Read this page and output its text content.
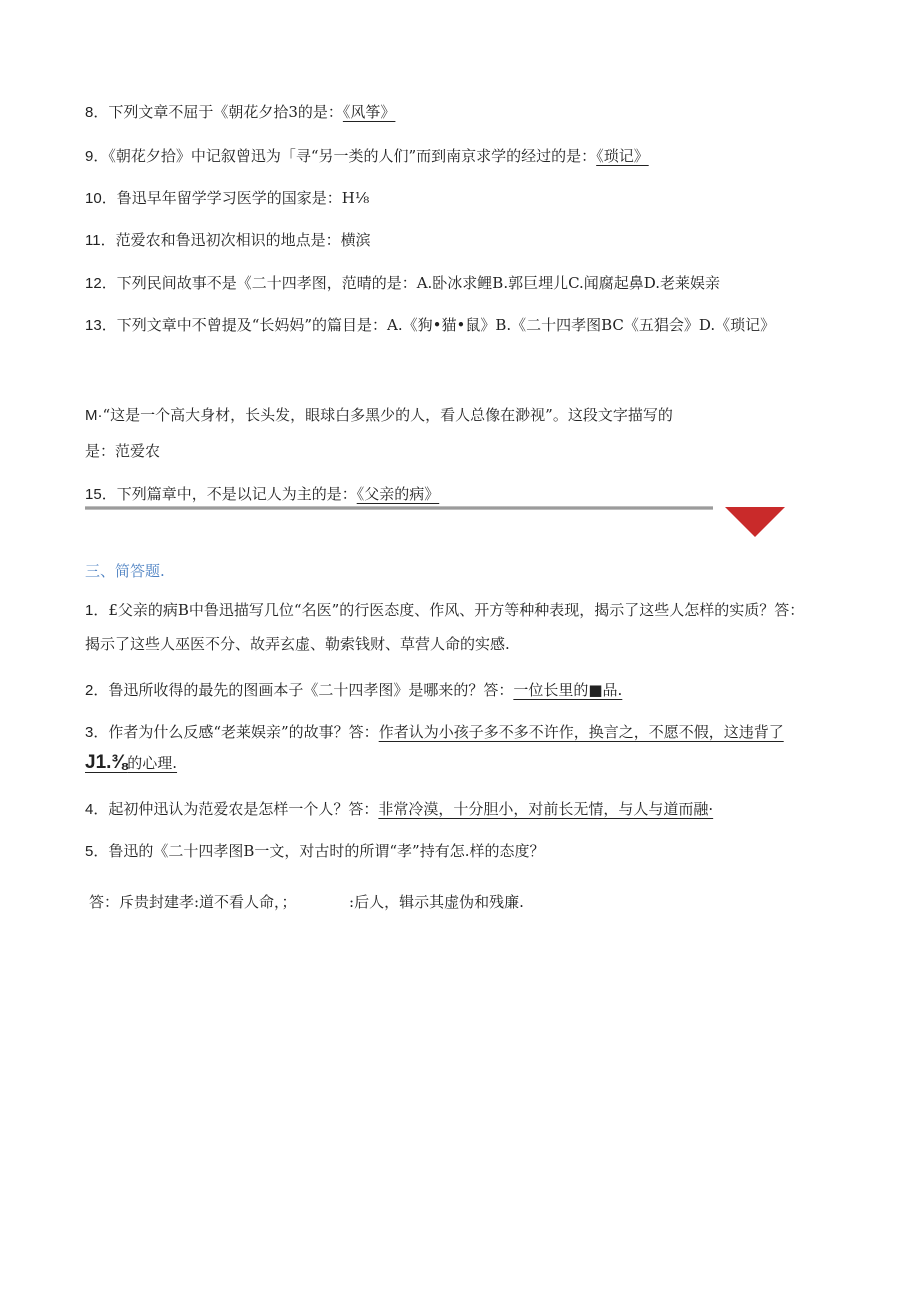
8．下列文章不屈于《朝花夕拾3的是：《风筝》
9．《朝花夕拾》中记叙曾迅为「寻“另一类的人们”而到南京求学的经过的是：《琐记》
10．鲁迅早年留学学习医学的国家是：H⅛
11．范爱农和鲁迅初次相识的地点是：横滨
12．下列民间故事不是《二十四孝图，范晴的是：A.卧冰求鲤B.郭巨埋儿C.闻腐起鼻D.老莱娱亲
13．下列文章中不曾提及“长妈妈”的篇目是：A.《狗•猫•鼠》B.《二十四孝图BC《五猖会》D.《琐记》
M·“这是一个高大身材，长头发，眼球白多黑少的人，看人总像在渺视”。这段文字描写的
是：范爱农
15．下列篇章中，不是以记人为主的是：《父亲的病》
三、简答题.
1．£父亲的病B中鲁迅描写几位“名医”的行医态度、作风、开方等种种表现，揭示了这些人怎样的实质？答：
揭示了这些人巫医不分、故弄玄虚、勒索钱财、草营人命的实感.
2．鲁迅所收得的最先的图画本子《二十四孝图》是哪来的？答：一位长里的■品.
3．作者为什么反感“老莱娱亲”的故事？答：作者认为小孩子多不多不许作，换言之，不愿不假，这违背了
J1.⅜的心理.
4．起初仲迅认为范爱农是怎样一个人？答：非常冷漠，十分胆小，对前长无情，与人与道而融·
5．鲁迅的《二十四孝图B一文，对古时的所谓“孝”持有怎.样的态度？
答：斥贵封建孝:道不看人命，；　　　　:后人，辑示其虚伪和残廉.
